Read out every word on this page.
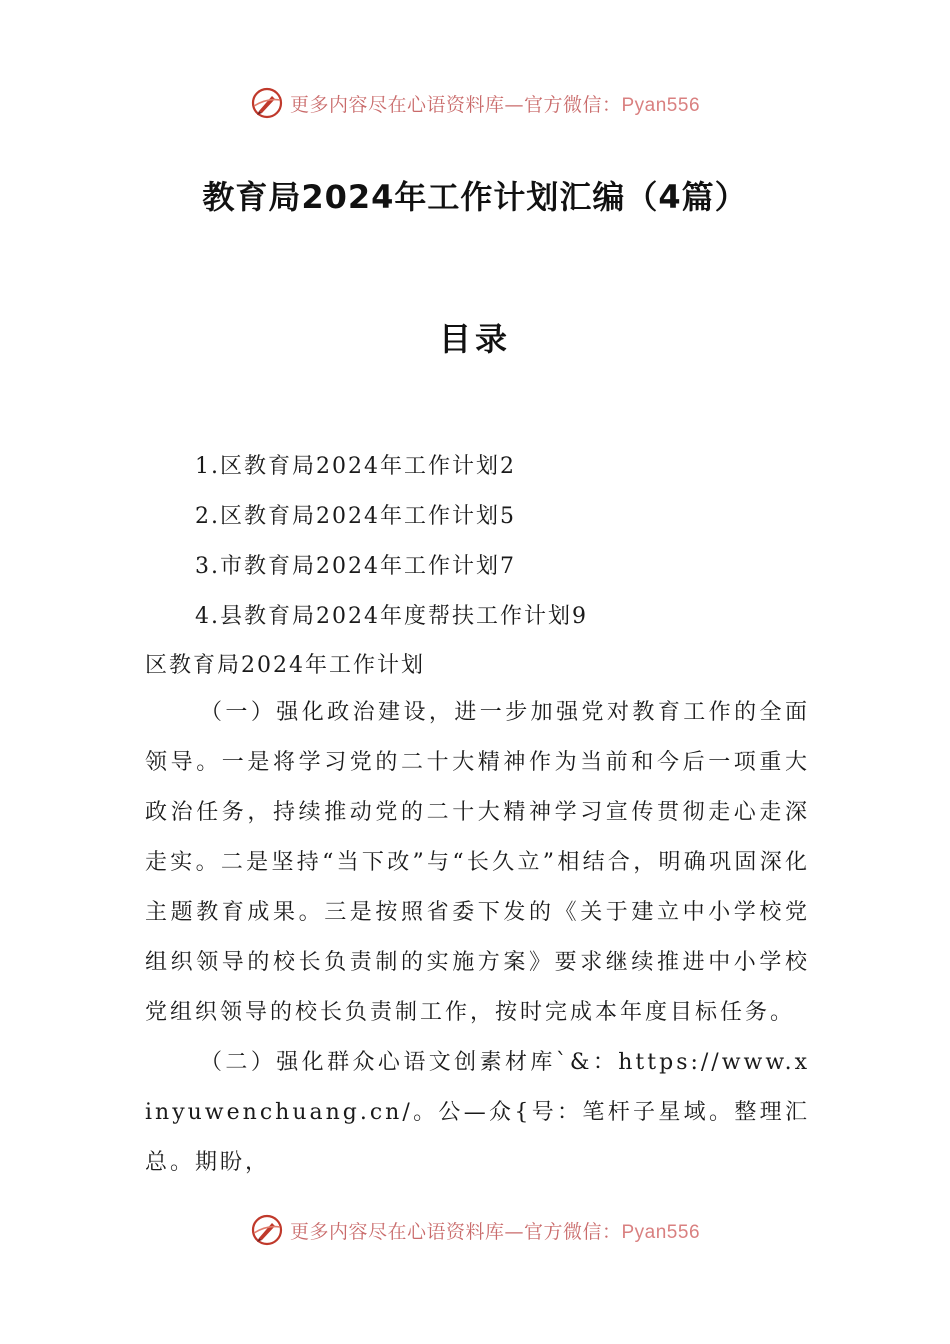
更多内容尽在心语资料库—官方微信：Pyan556
教育局2024年工作计划汇编（4篇）
目录
1.区教育局2024年工作计划2
2.区教育局2024年工作计划5
3.市教育局2024年工作计划7
4.县教育局2024年度帮扶工作计划9
区教育局2024年工作计划

（一）强化政治建设，进一步加强党对教育工作的全面领导。一是将学习党的二十大精神作为当前和今后一项重大政治任务，持续推动党的二十大精神学习宣传贯彻走心走深走实。二是坚持“当下改”与“长久立”相结合，明确巩固深化主题教育成果。三是按照省委下发的《关于建立中小学校党组织领导的校长负责制的实施方案》要求继续推进中小学校党组织领导的校长负责制工作，按时完成本年度目标任务。

（二）强化群众心语文创素材库`&：https://www.xinyuwenchuang.cn/。公—众{号：笔杆子星域。整理汇总。期盼，

更多内容尽在心语资料库—官方微信：Pyan556
